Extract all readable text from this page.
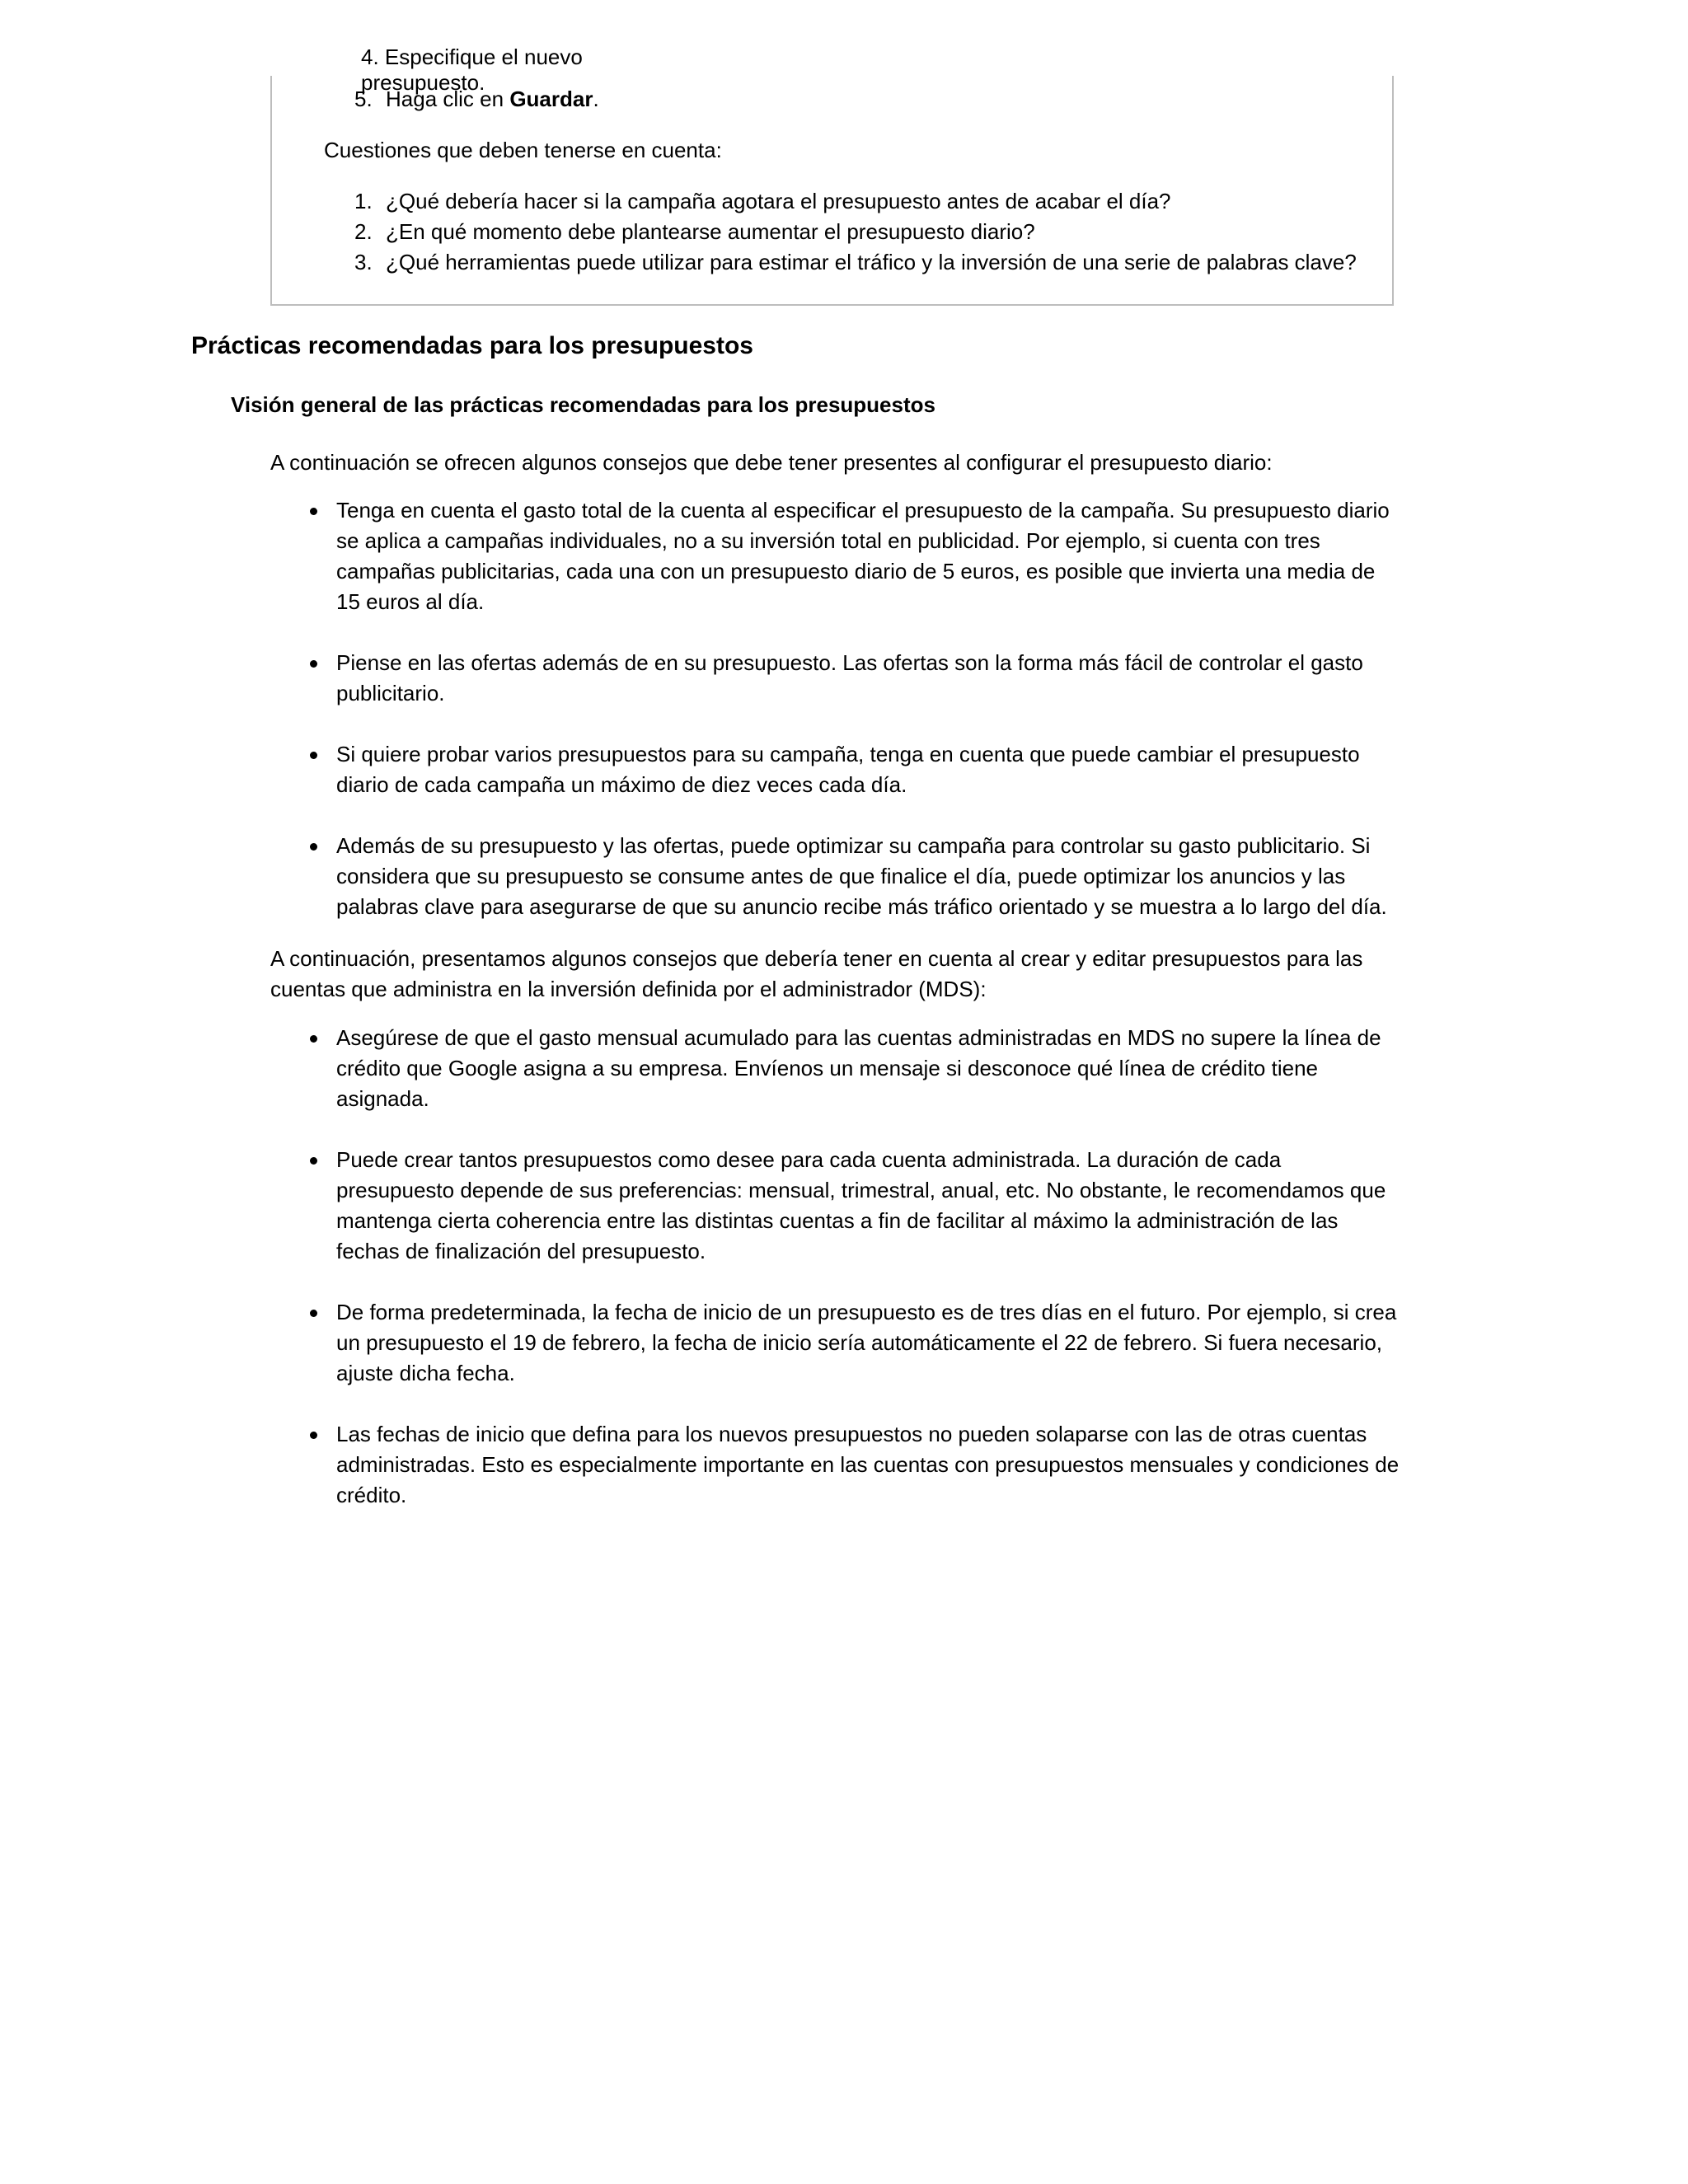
4. Especifique el nuevo presupuesto.
5. Haga clic en Guardar.
Cuestiones que deben tenerse en cuenta:
1. ¿Qué debería hacer si la campaña agotara el presupuesto antes de acabar el día?
2. ¿En qué momento debe plantearse aumentar el presupuesto diario?
3. ¿Qué herramientas puede utilizar para estimar el tráfico y la inversión de una serie de palabras clave?
Prácticas recomendadas para los presupuestos
Visión general de las prácticas recomendadas para los presupuestos
A continuación se ofrecen algunos consejos que debe tener presentes al configurar el presupuesto diario:
Tenga en cuenta el gasto total de la cuenta al especificar el presupuesto de la campaña. Su presupuesto diario se aplica a campañas individuales, no a su inversión total en publicidad. Por ejemplo, si cuenta con tres campañas publicitarias, cada una con un presupuesto diario de 5 euros, es posible que invierta una media de 15 euros al día.
Piense en las ofertas además de en su presupuesto. Las ofertas son la forma más fácil de controlar el gasto publicitario.
Si quiere probar varios presupuestos para su campaña, tenga en cuenta que puede cambiar el presupuesto diario de cada campaña un máximo de diez veces cada día.
Además de su presupuesto y las ofertas, puede optimizar su campaña para controlar su gasto publicitario. Si considera que su presupuesto se consume antes de que finalice el día, puede optimizar los anuncios y las palabras clave para asegurarse de que su anuncio recibe más tráfico orientado y se muestra a lo largo del día.
A continuación, presentamos algunos consejos que debería tener en cuenta al crear y editar presupuestos para las cuentas que administra en la inversión definida por el administrador (MDS):
Asegúrese de que el gasto mensual acumulado para las cuentas administradas en MDS no supere la línea de crédito que Google asigna a su empresa. Envíenos un mensaje si desconoce qué línea de crédito tiene asignada.
Puede crear tantos presupuestos como desee para cada cuenta administrada. La duración de cada presupuesto depende de sus preferencias: mensual, trimestral, anual, etc. No obstante, le recomendamos que mantenga cierta coherencia entre las distintas cuentas a fin de facilitar al máximo la administración de las fechas de finalización del presupuesto.
De forma predeterminada, la fecha de inicio de un presupuesto es de tres días en el futuro. Por ejemplo, si crea un presupuesto el 19 de febrero, la fecha de inicio sería automáticamente el 22 de febrero. Si fuera necesario, ajuste dicha fecha.
Las fechas de inicio que defina para los nuevos presupuestos no pueden solaparse con las de otras cuentas administradas. Esto es especialmente importante en las cuentas con presupuestos mensuales y condiciones de crédito.
